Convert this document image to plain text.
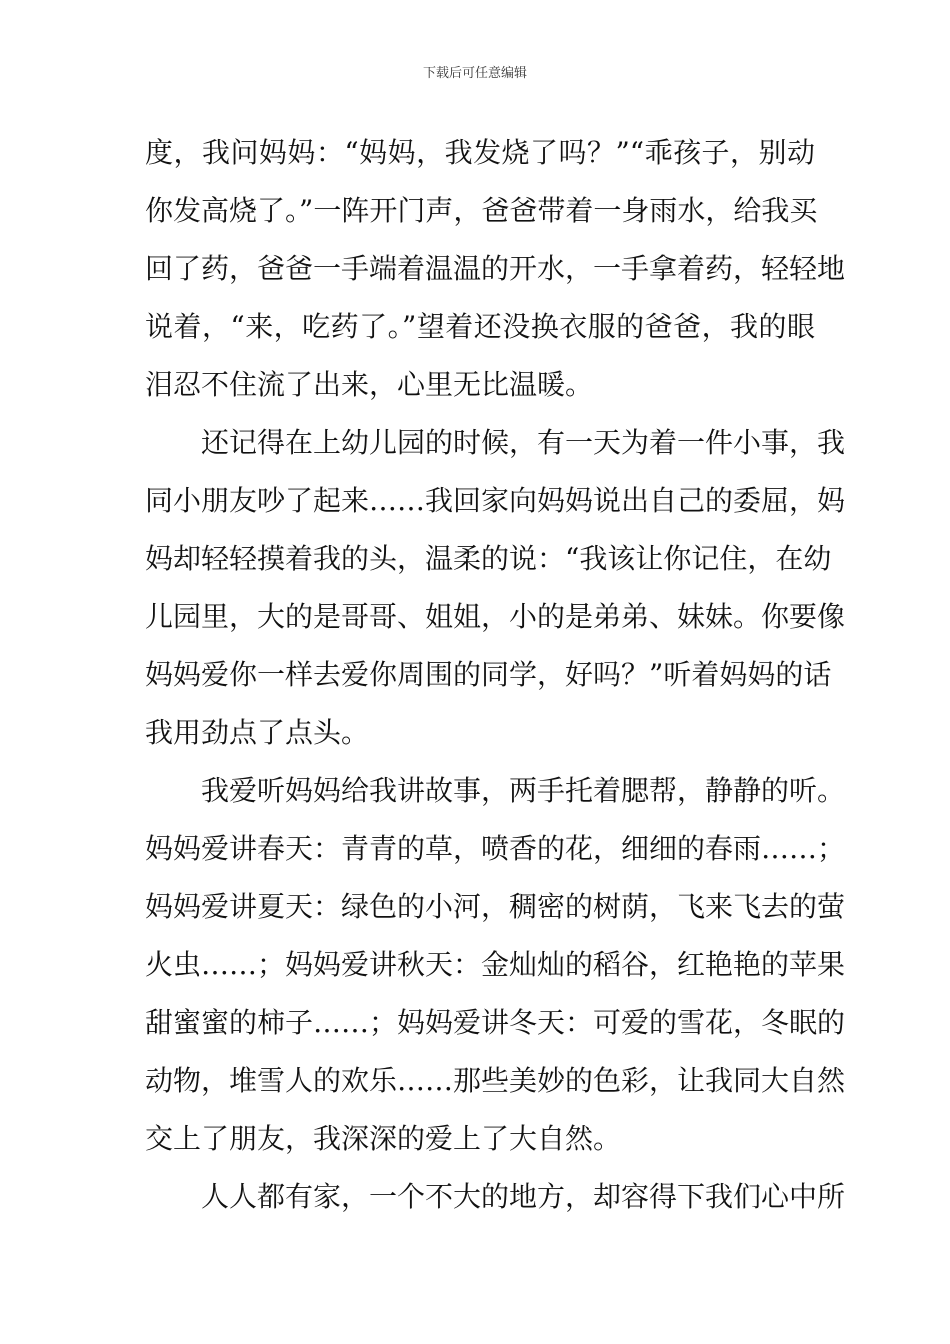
下载后可任意编辑
度，我问妈妈：“妈妈，我发烧了吗？”“乖孩子，别动
你发高烧了。”一阵开门声，爸爸带着一身雨水，给我买
回了药，爸爸一手端着温温的开水，一手拿着药，轻轻地
说着，“来，吃药了。”望着还没换衣服的爸爸，我的眼
泪忍不住流了出来，心里无比温暖。
还记得在上幼儿园的时候，有一天为着一件小事，我
同小朋友吵了起来……我回家向妈妈说出自己的委屈，妈
妈却轻轻摸着我的头，温柔的说：“我该让你记住，在幼
儿园里，大的是哥哥、姐姐，小的是弟弟、妹妹。你要像
妈妈爱你一样去爱你周围的同学，好吗？”听着妈妈的话
我用劲点了点头。
我爱听妈妈给我讲故事，两手托着腮帮，静静的听。
妈妈爱讲春天：青青的草，喷香的花，细细的春雨……；
妈妈爱讲夏天：绿色的小河，稠密的树荫，飞来飞去的萤
火虫……；妈妈爱讲秋天：金灿灿的稻谷，红艳艳的苹果
甜蜜蜜的柿子……；妈妈爱讲冬天：可爱的雪花，冬眠的
动物，堆雪人的欢乐……那些美妙的色彩，让我同大自然
交上了朋友，我深深的爱上了大自然。
人人都有家，一个不大的地方，却容得下我们心中所
